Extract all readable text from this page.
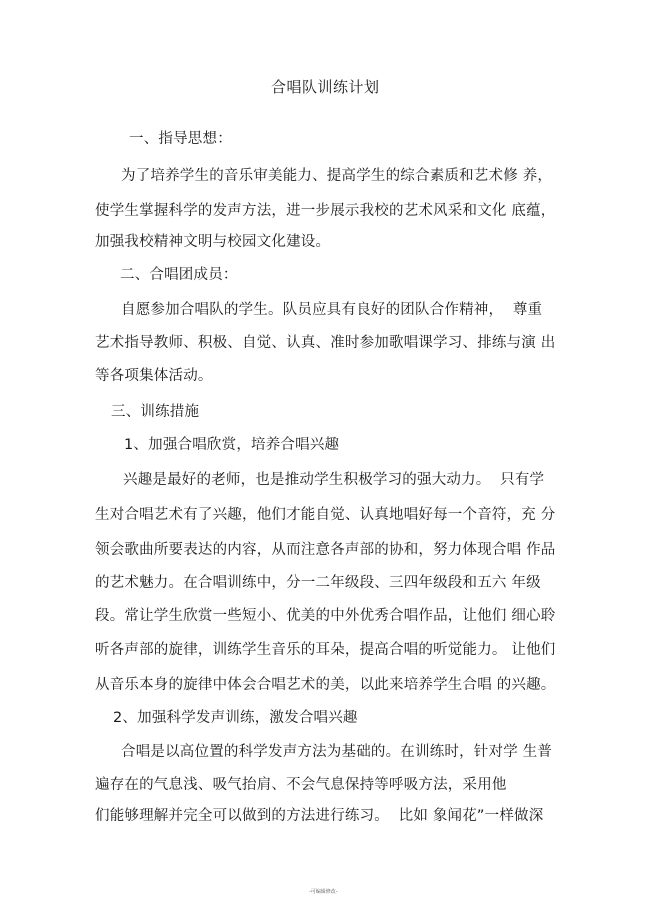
合唱队训练计划
一、指导思想：
为了培养学生的音乐审美能力、提高学生的综合素质和艺术修 养，
使学生掌握科学的发声方法，进一步展示我校的艺术风采和文化 底蕴，
加强我校精神文明与校园文化建设。
二、合唱团成员：
自愿参加合唱队的学生。队员应具有良好的团队合作精神，  尊重
艺术指导教师、积极、自觉、认真、准时参加歌唱课学习、排练与演 出
等各项集体活动。
三、训练措施
1、加强合唱欣赏，培养合唱兴趣
兴趣是最好的老师，也是推动学生积极学习的强大动力。  只有学
生对合唱艺术有了兴趣，他们才能自觉、认真地唱好每一个音符，充 分
领会歌曲所要表达的内容，从而注意各声部的协和，努力体现合唱 作品
的艺术魅力。在合唱训练中，分一二年级段、三四年级段和五六 年级
段。常让学生欣赏一些短小、优美的中外优秀合唱作品，让他们 细心聆
听各声部的旋律，训练学生音乐的耳朵，提高合唱的听觉能力。 让他们
从音乐本身的旋律中体会合唱艺术的美，以此来培养学生合唱 的兴趣。
2、加强科学发声训练，激发合唱兴趣
合唱是以高位置的科学发声方法为基础的。在训练时，针对学 生普
遍存在的气息浅、吸气抬肩、不会气息保持等呼吸方法，采用他
们能够理解并完全可以做到的方法进行练习。  比如 象闻花”一样做深
-可编辑修改-
